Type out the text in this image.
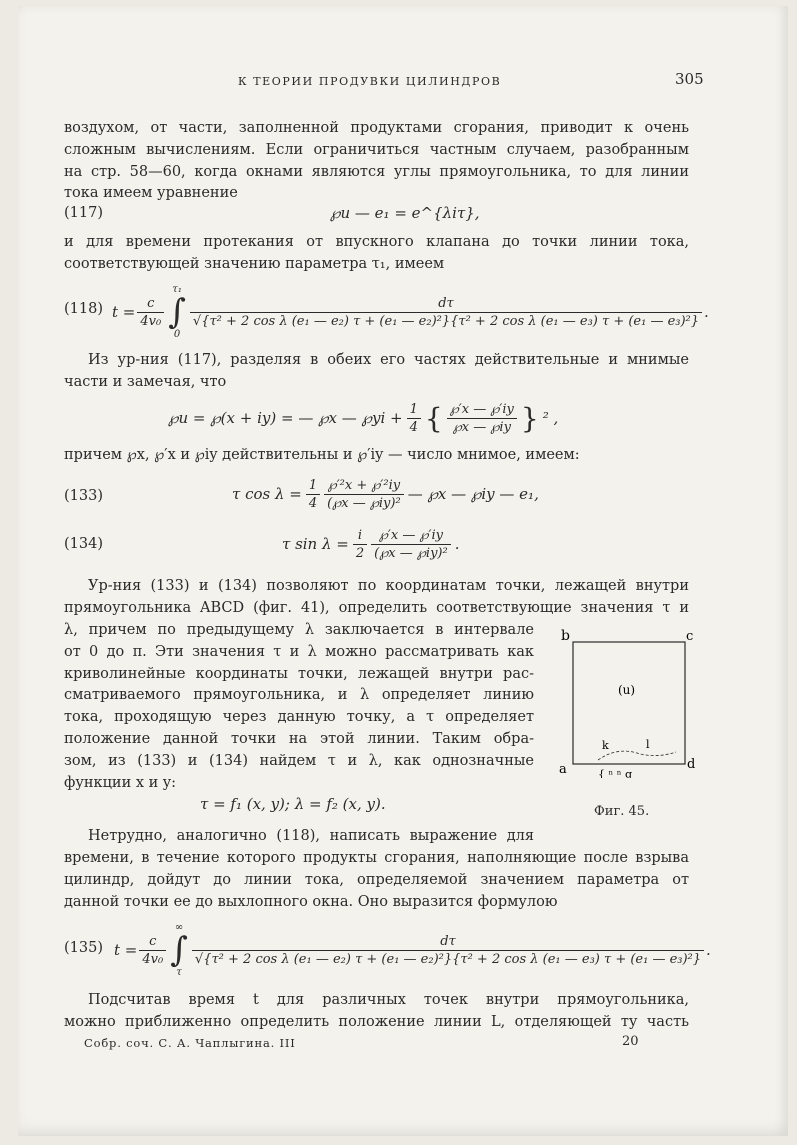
К ТЕОРИИ ПРОДУВКИ ЦИЛИНДРОВ	305
воздухом, от части, заполненной продуктами сгорания, приводит к очень
сложным вычислениям. Если ограничиться частным случаем, разобранным
на стр. 58—60, когда окнами являются углы прямоугольника, то для линии
тока имеем уравнение
(117)	℘u — e₁ = e^{λiτ},
и для времени протекания от впускного клапана до точки линии тока,
соответствующей значению параметра τ₁, имеем
(118) $t = \frac{c}{\text{4v₀}}$
τ₁
∫
0
dτ
√{τ² + 2 cos λ (e₁ — e₂) τ + (e₁ — e₂)²}{τ² + 2 cos λ (e₁ — e₃) τ + (e₁ — e₃)²} .
Из ур-ния (117), разделяя в обеих его частях действительные и мнимые
части и замечая, что
℘u = ℘(x + iy) = — ℘x — ℘yi + $\frac{1}{4}$ { $\frac{℘'x — ℘'iy}{℘x — ℘iy}$ } ² ,
причем ℘x, ℘′x и ℘iy действительны и ℘′iy — число мнимое, имеем:
(133)	τ $\cos \lambda = \frac{1}{4} \frac{\text{℘′²x + ℘′²iy}}{\text{(℘x — ℘iy)²}}$ — ℘x — ℘iy — e₁,
(134)	τ $\sin \lambda = \frac{i}{2} \frac{℘'x — ℘'iy}{\text{(℘x — ℘iy)²}}$ .
Ур-ния (133) и (134) позволяют по координатам точки, лежащей внутри
прямоугольника ABCD (фиг. 41), определить соответствующие значения τ и
λ, причем по предыдущему λ заключается в интервале
от 0 до π. Эти значения τ и λ можно рассматривать как
криволинейные координаты точки, лежащей внутри рас-
сматриваемого прямоугольника, и λ определяет линию
тока, проходящую через данную точку, а τ определяет
положение данной точки на этой линии. Таким обра-
зом, из (133) и (134) найдем τ и λ, как однозначные
функции x и y:
τ = f₁ (x, y); λ = f₂ (x, y).
b	c
a	d
(u)
k	l
{ ⁿ ⁿ ǥ
Фиг. 45.
Нетрудно, аналогично (118), написать выражение для
времени, в течение которого продукты сгорания, наполняющие после взрыва
цилиндр, дойдут до линии тока, определяемой значением параметра от
данной точки ее до выхлопного окна. Оно выразится формулою
(135) $t = \frac{c}{\text{4v₀}}$
∞
∫
τ
dτ
√{τ² + 2 cos λ (e₁ — e₂) τ + (e₁ — e₂)²}{τ² + 2 cos λ (e₁ — e₃) τ + (e₁ — e₃)²} .
Подсчитав время t для различных точек внутри прямоугольника,
можно приближенно определить положение линии L, отделяющей ту часть
Собр. соч. С. А. Чаплыгина. III	20
